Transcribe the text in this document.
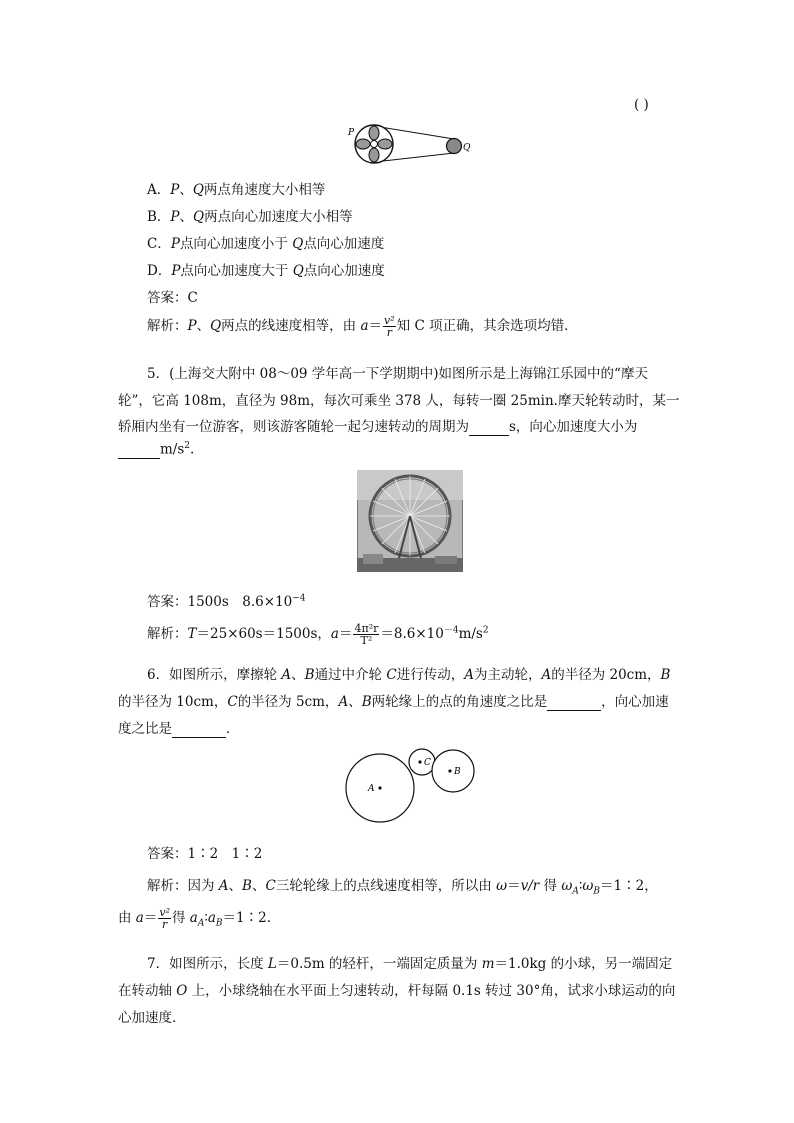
( )
P
Q
A．P、Q两点角速度大小相等
B．P、Q两点向心加速度大小相等
C．P点向心加速度小于 Q点向心加速度
D．P点向心加速度大于 Q点向心加速度
答案：C
解析：P、Q两点的线速度相等，由 $a= \frac{\text{v²}}{r}$ 知 C 项正确，其余选项均错．
5．(上海交大附中 08～09 学年高一下学期期中)如图所示是上海锦江乐园中的“摩天
轮”，它高 108m，直径为 98m，每次可乘坐 378 人，每转一圈 25min.摩天轮转动时，某一
轿厢内坐有一位游客，则该游客随轮一起匀速转动的周期为	s，向心加速度大小为
$m/s^2$.
答案：1500s　$8.6\times 10^{-4}$
解析：T＝25×60s＝1500s，$a= \frac{\text{4π²r}}{\text{T²}} =8.6\times 10^{-4}m/s^2$
6．如图所示，摩擦轮 A、B通过中介轮 C进行传动，A为主动轮，A的半径为 20cm，B
的半径为 10cm，C的半径为 5cm，A、B两轮缘上的点的角速度之比是	，向心加速
度之比是	．
A
C
B
答案：1∶2　1∶2
解析：因为 A、B、C三轮轮缘上的点线速度相等，所以由 ω＝v/r 得 $\omega_A∶\omega_B=1∶2$，
由 $a= \frac{\text{v²}}{r}$ 得 $a_A∶a_B=1∶2$.
7．如图所示，长度 L＝0.5m 的轻杆，一端固定质量为 m＝1.0kg 的小球，另一端固定
在转动轴 O 上，小球绕轴在水平面上匀速转动，杆每隔 0.1s 转过 30°角，试求小球运动的向
心加速度．
